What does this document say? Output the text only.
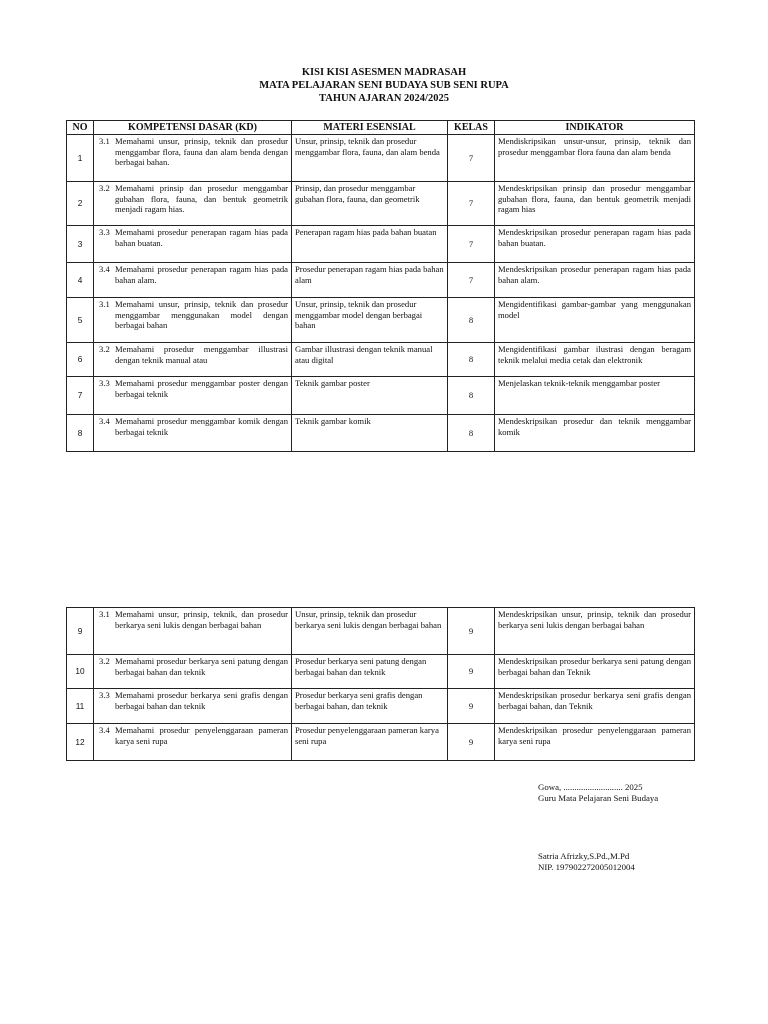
KISI KISI ASESMEN MADRASAH
MATA PELAJARAN SENI BUDAYA SUB SENI RUPA
TAHUN AJARAN 2024/2025
NO	KOMPETENSI DASAR (KD)	MATERI ESENSIAL	KELAS	INDIKATOR
1	3.1 Memahami unsur, prinsip, teknik dan prosedur menggambar flora, fauna dan alam benda dengan berbagai bahan.	Unsur, prinsip, teknik dan prosedur menggambar flora, fauna, dan alam benda	7	Mendiskripsikan unsur-unsur, prinsip, teknik dan prosedur menggambar flora fauna dan alam benda
2	3.2 Memahami prinsip dan prosedur menggambar gubahan flora, fauna, dan bentuk geometrik menjadi ragam hias.	Prinsip, dan prosedur menggambar gubahan flora, fauna, dan geometrik	7	Mendeskripsikan prinsip dan prosedur menggambar gubahan flora, fauna, dan bentuk geometrik menjadi ragam hias
3	3.3 Memahami prosedur penerapan ragam hias pada bahan buatan.	Penerapan ragam hias pada bahan buatan	7	Mendeskripsikan prosedur penerapan ragam hias pada bahan buatan.
4	3.4 Memahami prosedur penerapan ragam hias pada bahan alam.	Prosedur penerapan ragam hias pada bahan alam	7	Mendeskripsikan prosedur penerapan ragam hias pada bahan alam.
5	3.1 Memahami unsur, prinsip, teknik dan prosedur menggambar menggunakan model dengan berbagai bahan	Unsur, prinsip, teknik dan prosedur menggambar model dengan berbagai bahan	8	Mengidentifikasi gambar-gambar yang menggunakan model
6	3.2 Memahami prosedur menggambar illustrasi dengan teknik manual atau	Gambar illustrasi dengan teknik manual atau digital	8	Mengidentifikasi gambar ilustrasi dengan beragam teknik melalui media cetak dan elektronik
7	3.3 Memahami prosedur menggambar poster dengan berbagai teknik	Teknik gambar poster	8	Menjelaskan teknik-teknik menggambar poster
8	3.4 Memahami prosedur menggambar komik dengan berbagai teknik	Teknik gambar komik	8	Mendeskripsikan prosedur dan teknik menggambar komik
9	3.1 Memahami unsur, prinsip, teknik, dan prosedur berkarya seni lukis dengan berbagai bahan	Unsur, prinsip, teknik dan prosedur berkarya seni lukis dengan berbagai bahan	9	Mendeskripsikan unsur, prinsip, teknik dan prosedur berkarya seni lukis dengan berbagai bahan
10	3.2 Memahami prosedur berkarya seni patung dengan berbagai bahan dan teknik	Prosedur berkarya seni patung dengan berbagai bahan dan teknik	9	Mendeskripsikan prosedur berkarya seni patung dengan berbagai bahan dan Teknik
11	3.3 Memahami prosedur berkarya seni grafis dengan berbagai bahan dan teknik	Prosedur berkarya seni grafis dengan berbagai bahan, dan teknik	9	Mendeskripsikan prosedur berkarya seni grafis dengan berbagai bahan, dan Teknik
12	3.4 Memahami prosedur penyelenggaraan pameran karya seni rupa	Prosedur penyelenggaraan pameran karya seni rupa	9	Mendeskripsikan prosedur penyelenggaraan pameran karya seni rupa
Gowa, ........................... 2025
Guru Mata Pelajaran Seni Budaya
Satria Afrizky,S.Pd.,M.Pd
NIP. 197902272005012004
